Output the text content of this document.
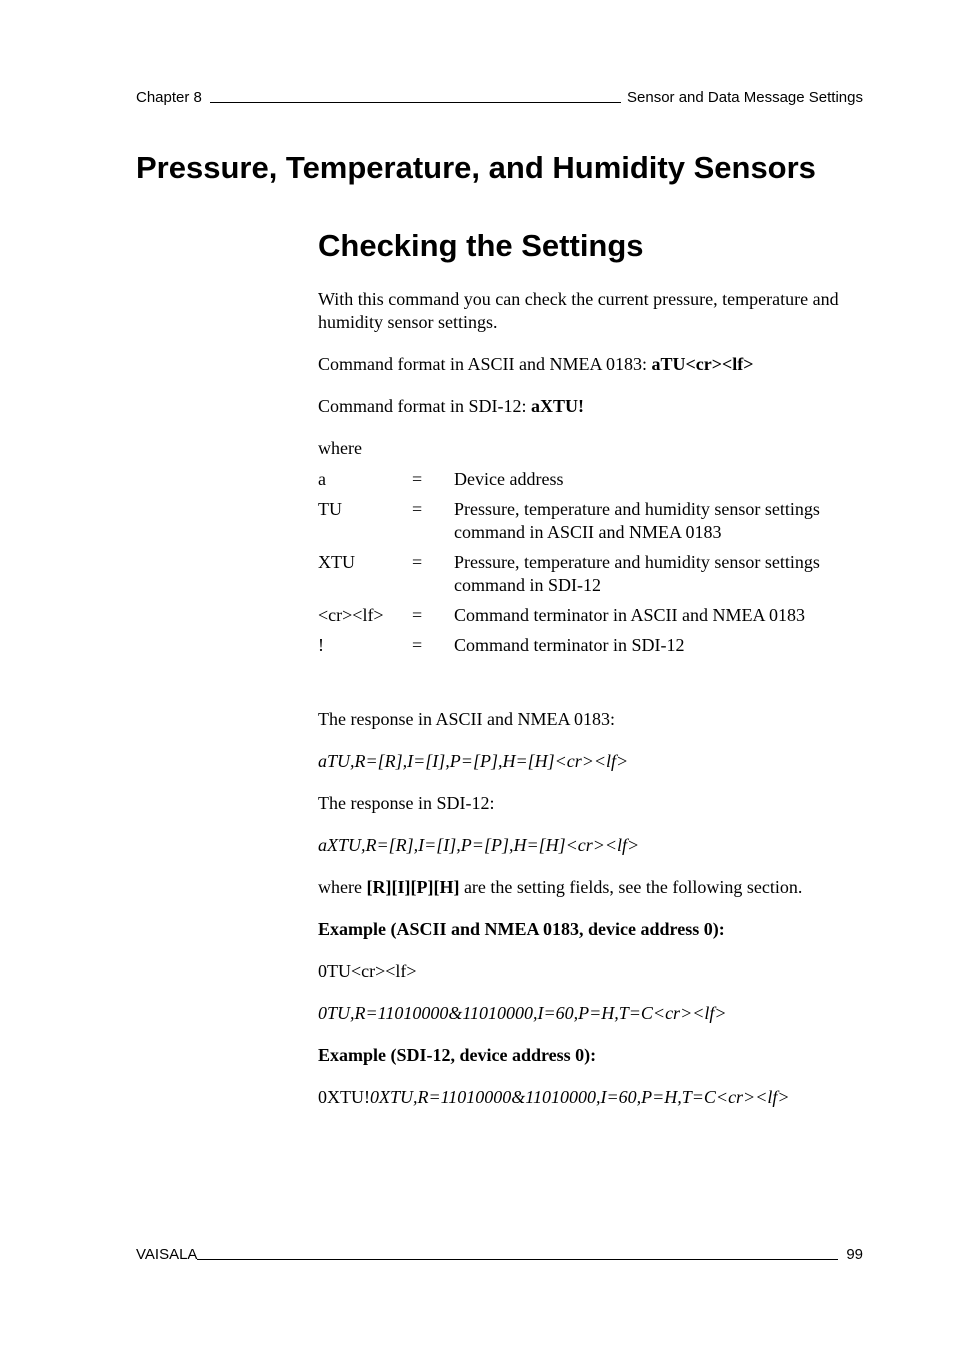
Chapter 8	Sensor and Data Message Settings
Pressure, Temperature, and Humidity Sensors
Checking the Settings

With this command you can check the current pressure, temperature and humidity sensor settings.

Command format in ASCII and NMEA 0183: aTU<cr><lf>

Command format in SDI-12: aXTU!

where

a	=	Device address
TU	=	Pressure, temperature and humidity sensor settings command in ASCII and NMEA 0183
XTU	=	Pressure, temperature and humidity sensor settings command in SDI-12
<cr><lf>	=	Command terminator in ASCII and NMEA 0183
!	=	Command terminator in SDI-12

The response in ASCII and NMEA 0183:

aTU,R=[R],I=[I],P=[P],H=[H]<cr><lf>

The response in SDI-12:

aXTU,R=[R],I=[I],P=[P],H=[H]<cr><lf>

where [R][I][P][H] are the setting fields, see the following section.

Example (ASCII and NMEA 0183, device address 0):

0TU<cr><lf>

0TU,R=11010000&11010000,I=60,P=H,T=C<cr><lf>

Example (SDI-12, device address 0):

0XTU!0XTU,R=11010000&11010000,I=60,P=H,T=C<cr><lf>

VAISALA	99
